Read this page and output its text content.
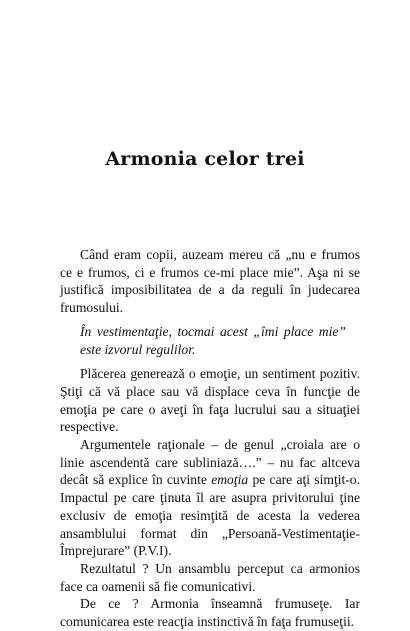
Armonia celor trei

Când eram copii, auzeam mereu că „nu e frumos ce e frumos, ci e frumos ce-mi place mie”. Aşa ni se justifică imposibilitatea de a da reguli în judecarea frumosului.

În vestimentaţie, tocmai acest „îmi place mie” este izvorul regulilor.

Plăcerea generează o emoţie, un sentiment pozitiv. Ştiţi că vă place sau vă displace ceva în funcţie de emoţia pe care o aveţi în faţa lucrului sau a situaţiei respective.

Argumentele raţionale – de genul „croiala are o linie ascendentă care subliniază….” – nu fac altceva decât să explice în cuvinte emoţia pe care aţi simţit-o. Impactul pe care ţinuta îl are asupra privitorului ţine exclusiv de emoţia resimţită de acesta la vederea ansamblului format din „Persoană-Vestimentaţie-Împrejurare” (P.V.I).

Rezultatul ? Un ansamblu perceput ca armonios face ca oamenii să fie comunicativi.

De ce ? Armonia înseamnă frumuseţe. Iar comunicarea este reacţia instinctivă în faţa frumuseţii.
